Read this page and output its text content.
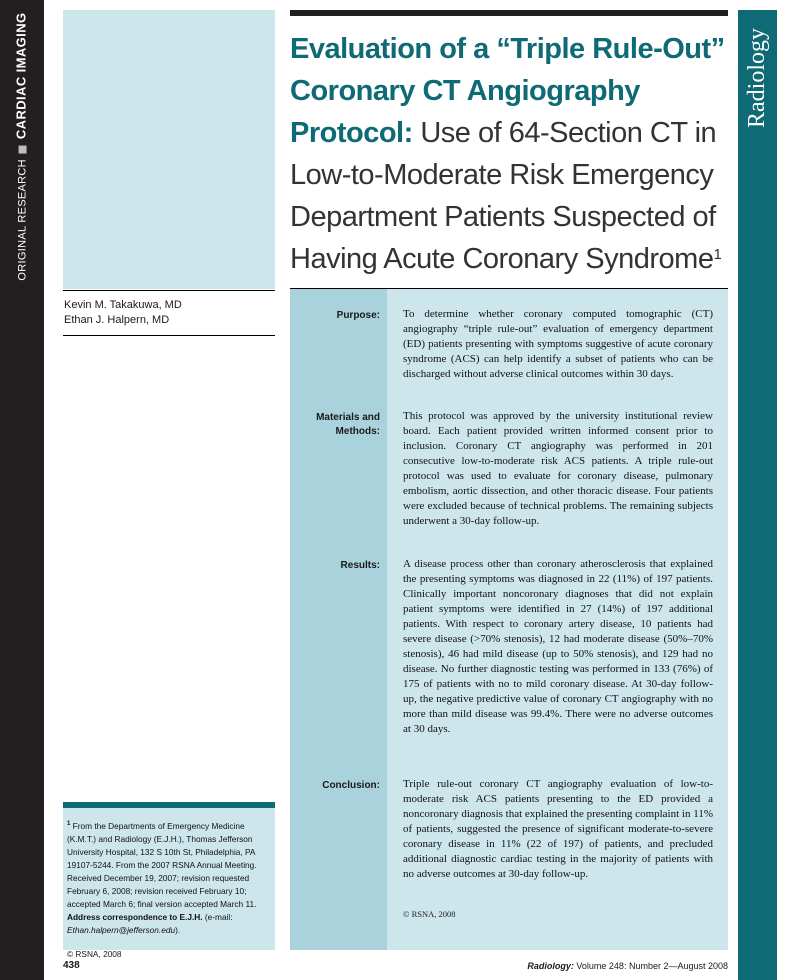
ORIGINAL RESEARCHCARDIAC IMAGING	Radiology
Kevin M. Takakuwa, MD
Ethan J. Halpern, MD
$^1$ From the Departments of Emergency Medicine (K.M.T.) and Radiology (E.J.H.), Thomas Jefferson University Hospital, 132 S 10th St, Philadelphia, PA 19107-5244. From the 2007 RSNA Annual Meeting. Received December 19, 2007; revision requested February 6, 2008; revision received February 10; accepted March 6; final version accepted March 11. Address correspondence to E.J.H. (e-mail: Ethan.halpern@jefferson.edu).
© RSNA, 2008
Evaluation of a “Triple Rule-Out”
Coronary CT Angiography
Protocol: Use of 64-Section CT in
Low-to-Moderate Risk Emergency
Department Patients Suspected of
Having Acute Coronary Syndrome$^1$
Purpose: To determine whether coronary computed tomographic (CT) angiography “triple rule-out” evaluation of emergency department (ED) patients presenting with symptoms suggestive of acute coronary syndrome (ACS) can help identify a subset of patients who can be discharged without adverse clinical outcomes within 30 days.
Materials and
Methods:
This protocol was approved by the university institutional review board. Each patient provided written informed consent prior to inclusion. Coronary CT angiography was performed in 201 consecutive low-to-moderate risk ACS patients. A triple rule-out protocol was used to evaluate for coronary disease, pulmonary embolism, aortic dissection, and other thoracic disease. Four patients were excluded because of technical problems. The remaining subjects underwent a 30-day follow-up.
Results: A disease process other than coronary atherosclerosis that explained the presenting symptoms was diagnosed in 22 (11%) of 197 patients. Clinically important noncoronary diagnoses that did not explain patient symptoms were identified in 27 (14%) of 197 additional patients. With respect to coronary artery disease, 10 patients had severe disease (>70% stenosis), 12 had moderate disease (50%–70% stenosis), 46 had mild disease (up to 50% stenosis), and 129 had no disease. No further diagnostic testing was performed in 133 (76%) of 175 of patients with no to mild coronary disease. At 30-day follow-up, the negative predictive value of coronary CT angiography with no more than mild disease was 99.4%. There were no adverse outcomes at 30 days.
Conclusion: Triple rule-out coronary CT angiography evaluation of low-to-moderate risk ACS patients presenting to the ED provided a noncoronary diagnosis that explained the presenting complaint in 11% of patients, suggested the presence of significant moderate-to-severe coronary disease in 11% (22 of 197) of patients, and precluded additional diagnostic cardiac testing in the majority of patients with no adverse outcomes at 30-day follow-up.
© RSNA, 2008
438	Radiology: Volume 248: Number 2—August 2008
